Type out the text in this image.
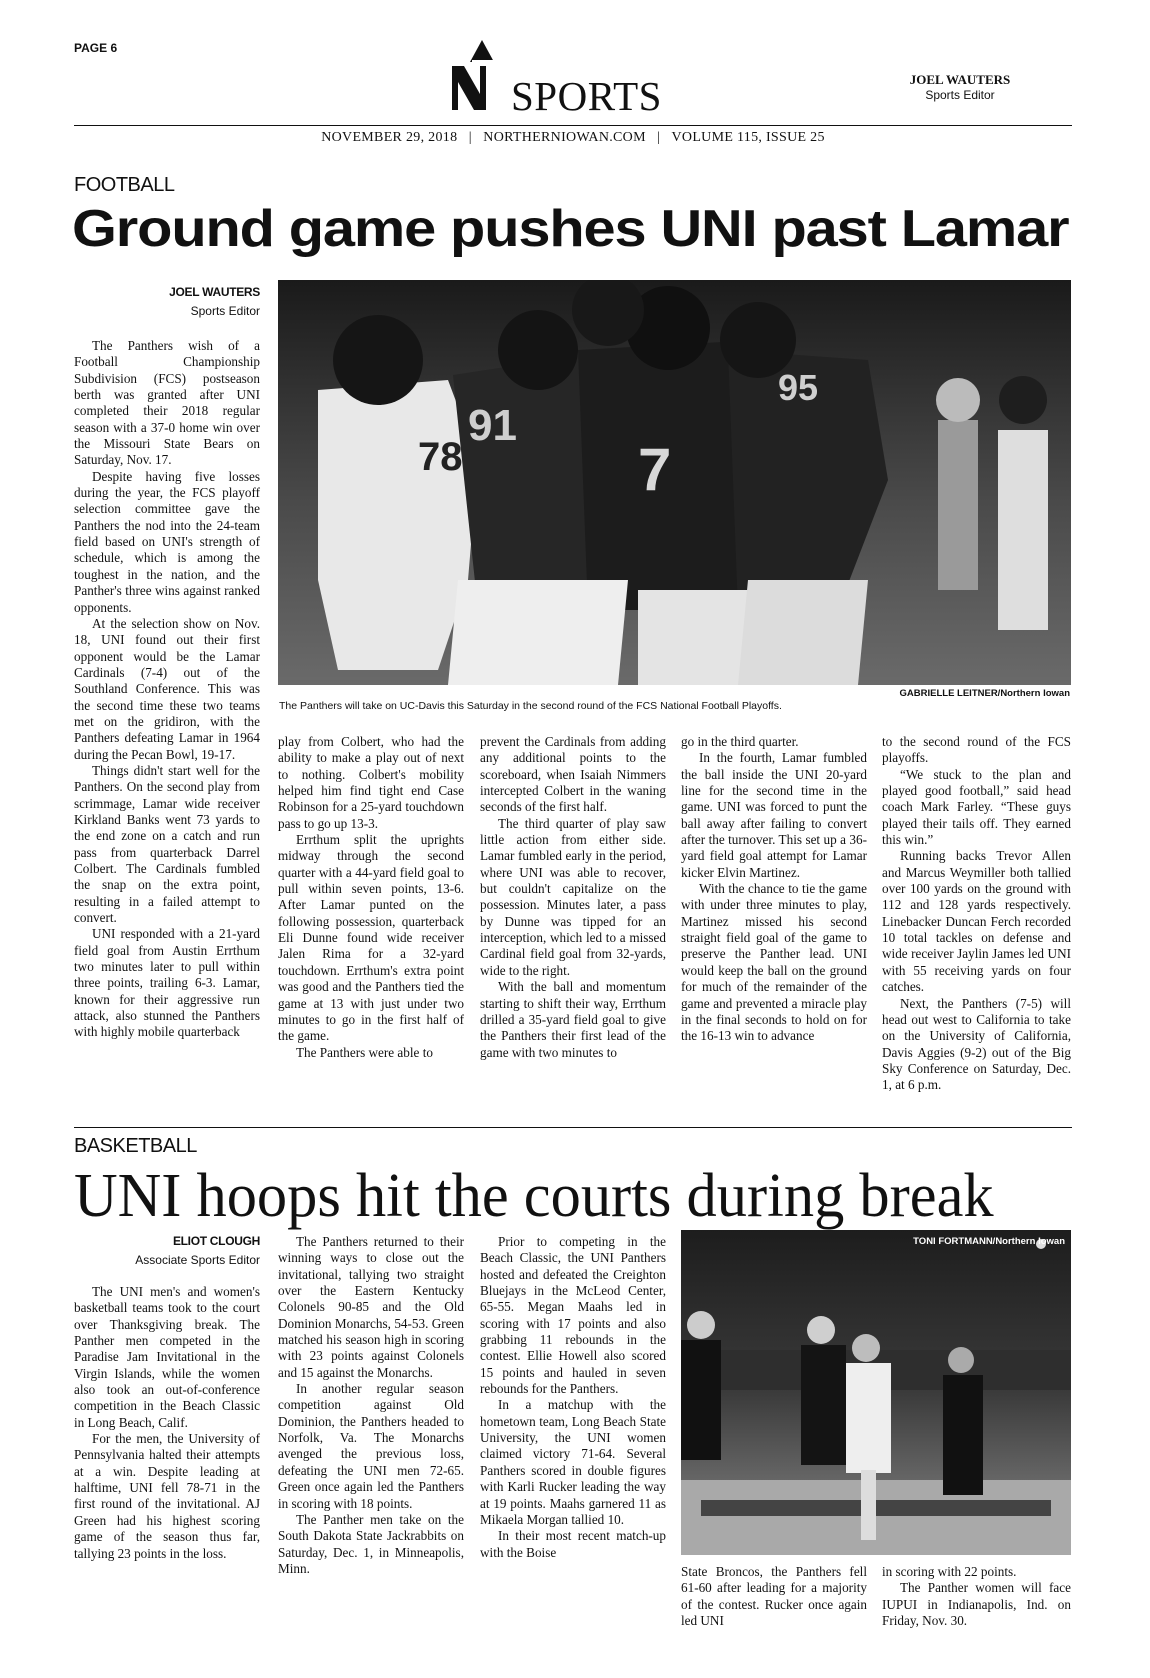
PAGE 6
SPORTS	JOEL WAUTERS
Sports Editor
NOVEMBER 29, 2018   |   NORTHERNIOWAN.COM   |   VOLUME 115, ISSUE 25
FOOTBALL
Ground game pushes UNI past Lamar
JOEL WAUTERS
Sports Editor
78	7
91
95
The Panthers will take on UC-Davis this Saturday in the second round of the FCS National Football Playoffs.
GABRIELLE LEITNER/Northern Iowan

The Panthers wish of a Football Championship Subdivision (FCS) postseason berth was granted after UNI completed their 2018 regular season with a 37-0 home win over the Missouri State Bears on Saturday, Nov. 17.

Despite having five losses during the year, the FCS playoff selection committee gave the Panthers the nod into the 24-team field based on UNI's strength of schedule, which is among the toughest in the nation, and the Panther's three wins against ranked opponents.

At the selection show on Nov. 18, UNI found out their first opponent would be the Lamar Cardinals (7-4) out of the Southland Conference. This was the second time these two teams met on the gridiron, with the Panthers defeating Lamar in 1964 during the Pecan Bowl, 19-17.

Things didn't start well for the Panthers. On the second play from scrimmage, Lamar wide receiver Kirkland Banks went 73 yards to the end zone on a catch and run pass from quarterback Darrel Colbert. The Cardinals fumbled the snap on the extra point, resulting in a failed attempt to convert.

UNI responded with a 21-yard field goal from Austin Errthum two minutes later to pull within three points, trailing 6-3. Lamar, known for their aggressive run attack, also stunned the Panthers with highly mobile quarterback

play from Colbert, who had the ability to make a play out of next to nothing. Colbert's mobility helped him find tight end Case Robinson for a 25-yard touchdown pass to go up 13-3.

Errthum split the uprights midway through the second quarter with a 44-yard field goal to pull within seven points, 13-6. After Lamar punted on the following possession, quarterback Eli Dunne found wide receiver Jalen Rima for a 32-yard touchdown. Errthum's extra point was good and the Panthers tied the game at 13 with just under two minutes to go in the first half of the game.

The Panthers were able to

prevent the Cardinals from adding any additional points to the scoreboard, when Isaiah Nimmers intercepted Colbert in the waning seconds of the first half.

The third quarter of play saw little action from either side. Lamar fumbled early in the period, where UNI was able to recover, but couldn't capitalize on the possession. Minutes later, a pass by Dunne was tipped for an interception, which led to a missed Cardinal field goal from 32-yards, wide to the right.

With the ball and momentum starting to shift their way, Errthum drilled a 35-yard field goal to give the Panthers their first lead of the game with two minutes to

go in the third quarter.

In the fourth, Lamar fumbled the ball inside the UNI 20-yard line for the second time in the game. UNI was forced to punt the ball away after failing to convert after the turnover. This set up a 36-yard field goal attempt for Lamar kicker Elvin Martinez.

With the chance to tie the game with under three minutes to play, Martinez missed his second straight field goal of the game to preserve the Panther lead. UNI would keep the ball on the ground for much of the remainder of the game and prevented a miracle play in the final seconds to hold on for the 16-13 win to advance

to the second round of the FCS playoffs.

“We stuck to the plan and played good football,” said head coach Mark Farley. “These guys played their tails off. They earned this win.”

Running backs Trevor Allen and Marcus Weymiller both tallied over 100 yards on the ground with 112 and 128 yards respectively. Linebacker Duncan Ferch recorded 10 total tackles on defense and wide receiver Jaylin James led UNI with 55 receiving yards on four catches.

Next, the Panthers (7-5) will head out west to California to take on the University of California, Davis Aggies (9-2) out of the Big Sky Conference on Saturday, Dec. 1, at 6 p.m.

BASKETBALL
UNI hoops hit the courts during break
ELIOT CLOUGH
Associate Sports Editor
TONI FORTMANN/Northern Iowan

The UNI men's and women's basketball teams took to the court over Thanksgiving break. The Panther men competed in the Paradise Jam Invitational in the Virgin Islands, while the women also took an out-of-conference competition in the Beach Classic in Long Beach, Calif.

For the men, the University of Pennsylvania halted their attempts at a win. Despite leading at halftime, UNI fell 78-71 in the first round of the invitational. AJ Green had his highest scoring game of the season thus far, tallying 23 points in the loss.

The Panthers returned to their winning ways to close out the invitational, tallying two straight over the Eastern Kentucky Colonels 90-85 and the Old Dominion Monarchs, 54-53. Green matched his season high in scoring with 23 points against Colonels and 15 against the Monarchs.

In another regular season competition against Old Dominion, the Panthers headed to Norfolk, Va. The Monarchs avenged the previous loss, defeating the UNI men 72-65. Green once again led the Panthers in scoring with 18 points.

The Panther men take on the South Dakota State Jackrabbits on Saturday, Dec. 1, in Minneapolis, Minn.

Prior to competing in the Beach Classic, the UNI Panthers hosted and defeated the Creighton Bluejays in the McLeod Center, 65-55. Megan Maahs led in scoring with 17 points and also grabbing 11 rebounds in the contest. Ellie Howell also scored 15 points and hauled in seven rebounds for the Panthers.

In a matchup with the hometown team, Long Beach State University, the UNI women claimed victory 71-64. Several Panthers scored in double figures with Karli Rucker leading the way at 19 points. Maahs garnered 11 as Mikaela Morgan tallied 10.

In their most recent match-up with the Boise

State Broncos, the Panthers fell 61-60 after leading for a majority of the contest. Rucker once again led UNI

in scoring with 22 points.

The Panther women will face IUPUI in Indianapolis, Ind. on Friday, Nov. 30.
